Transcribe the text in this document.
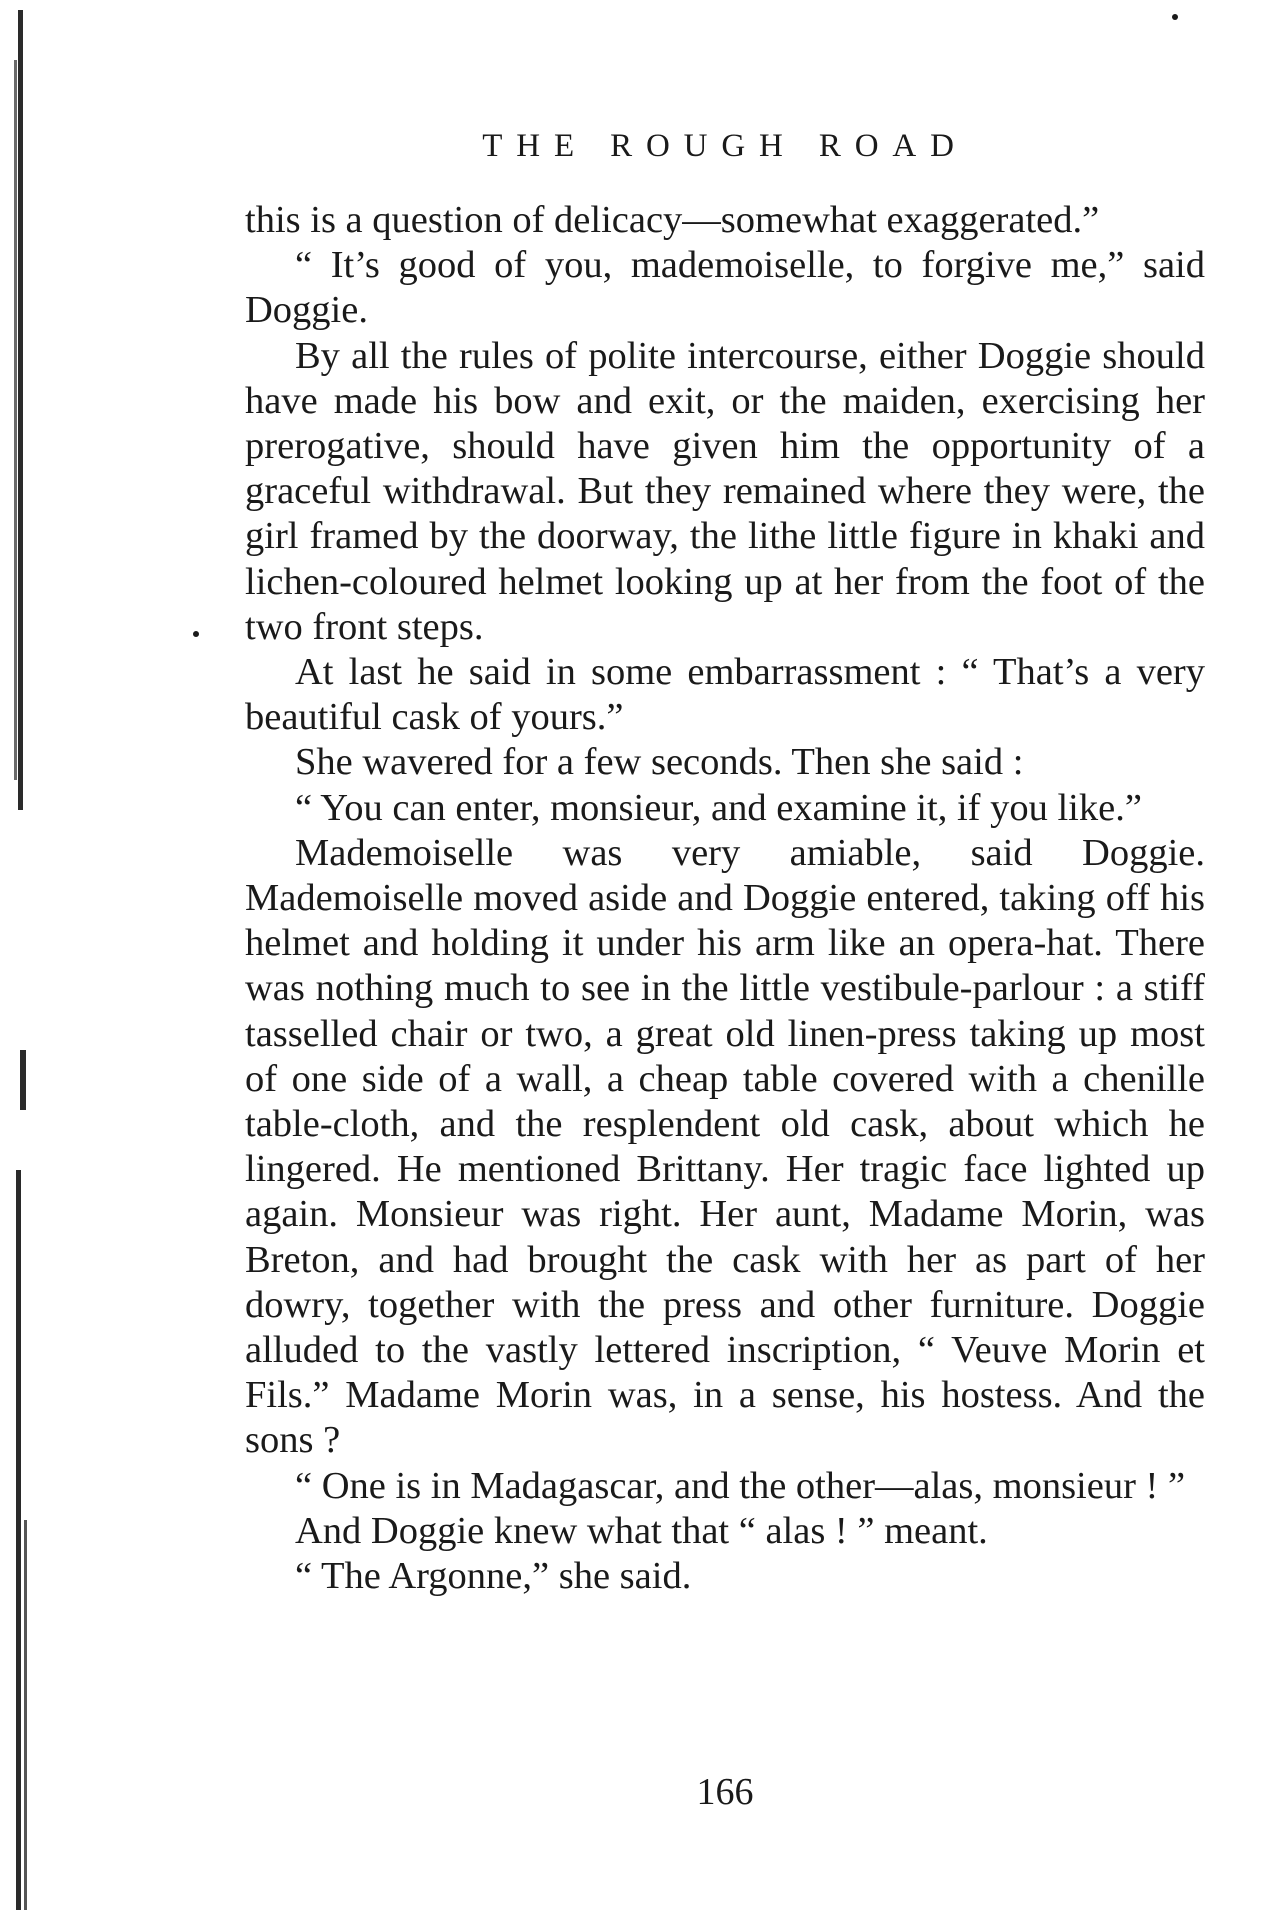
THE ROUGH ROAD

this is a question of delicacy—somewhat exaggerated.”

“ It’s good of you, mademoiselle, to forgive me,” said Doggie.

By all the rules of polite intercourse, either Doggie should have made his bow and exit, or the maiden, exercising her prerogative, should have given him the opportunity of a graceful withdrawal. But they remained where they were, the girl framed by the doorway, the lithe little figure in khaki and lichen-coloured helmet looking up at her from the foot of the two front steps.

At last he said in some embarrassment : “ That’s a very beautiful cask of yours.”

She wavered for a few seconds. Then she said :

“ You can enter, monsieur, and examine it, if you like.”

Mademoiselle was very amiable, said Doggie. Mademoiselle moved aside and Doggie entered, taking off his helmet and holding it under his arm like an opera-hat. There was nothing much to see in the little vestibule-parlour : a stiff tasselled chair or two, a great old linen-press taking up most of one side of a wall, a cheap table covered with a chenille table-cloth, and the resplendent old cask, about which he lingered. He mentioned Brittany. Her tragic face lighted up again. Monsieur was right. Her aunt, Madame Morin, was Breton, and had brought the cask with her as part of her dowry, together with the press and other furniture. Doggie alluded to the vastly lettered inscription, “ Veuve Morin et Fils.” Madame Morin was, in a sense, his hostess. And the sons ?

“ One is in Madagascar, and the other—alas, monsieur ! ”

And Doggie knew what that “ alas ! ” meant.

“ The Argonne,” she said.

166
